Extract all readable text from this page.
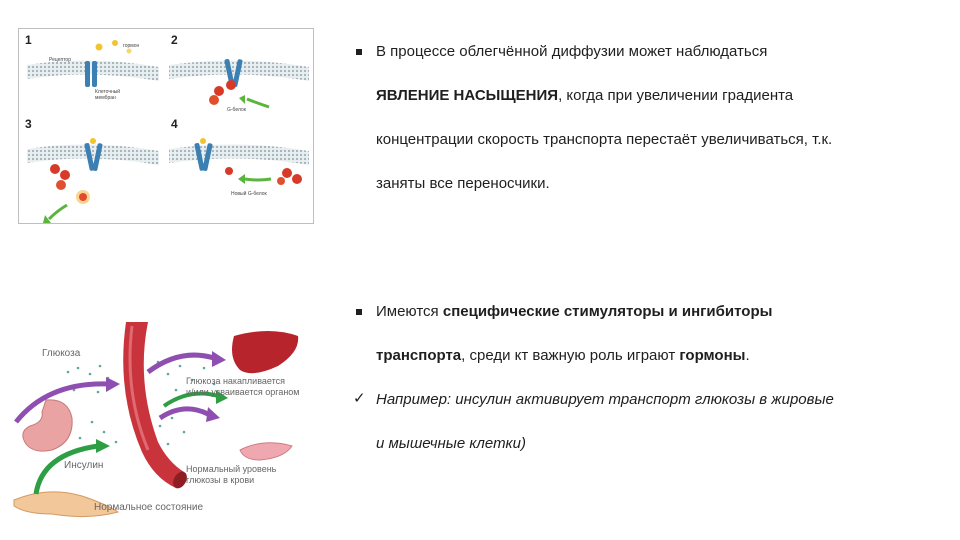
1	2
3	4
гормон
Рецептор
Клеточный
мембран
G-белок
Новый G-белок
Глюкоза
Глюкоза накапливается
и/или усваивается органом
Инсулин	Нормальный уровень
глюкозы в крови
Нормальное состояние
В процессе облегчённой диффузии может наблюдаться
ЯВЛЕНИЕ НАСЫЩЕНИЯ, когда при увеличении градиента
концентрации скорость транспорта перестаёт увеличиваться, т.к.
заняты все переносчики.
Имеются специфические стимуляторы и ингибиторы
транспорта, среди кт важную роль играют гормоны.
✓ Например: инсулин активирует транспорт глюкозы в жировые
и мышечные клетки)
